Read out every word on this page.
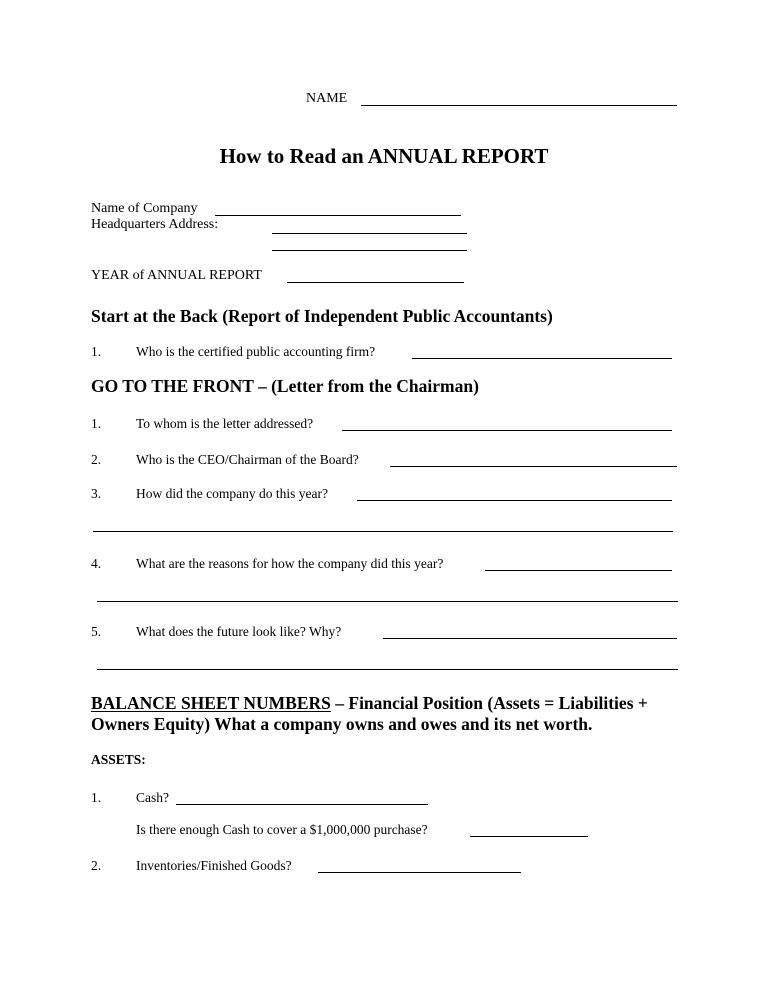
NAME
How to Read an ANNUAL REPORT
Name of Company
Headquarters Address:
YEAR of ANNUAL REPORT
Start at the Back (Report of Independent Public Accountants)
1.	Who is the certified public accounting firm?
GO TO THE FRONT – (Letter from the Chairman)
1.	To whom is the letter addressed?
2.	Who is the CEO/Chairman of the Board?
3.	How did the company do this year?
4.	What are the reasons for how the company did this year?
5.	What does the future look like? Why?
BALANCE SHEET NUMBERS – Financial Position (Assets = Liabilities +
Owners Equity) What a company owns and owes and its net worth.
ASSETS:
1.	Cash?
Is there enough Cash to cover a $1,000,000 purchase?
2.	Inventories/Finished Goods?
